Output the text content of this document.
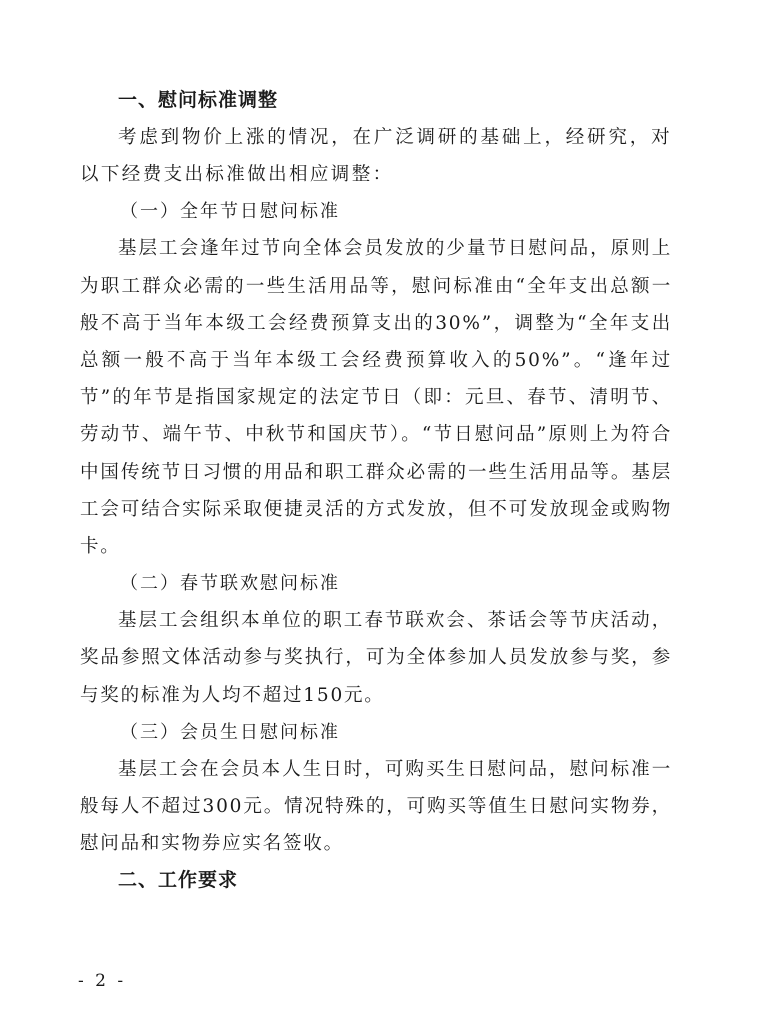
一、慰问标准调整

考虑到物价上涨的情况，在广泛调研的基础上，经研究，对以下经费支出标准做出相应调整：

（一）全年节日慰问标准

基层工会逢年过节向全体会员发放的少量节日慰问品，原则上为职工群众必需的一些生活用品等，慰问标准由“全年支出总额一般不高于当年本级工会经费预算支出的30%”，调整为“全年支出总额一般不高于当年本级工会经费预算收入的50%”。“逢年过节”的年节是指国家规定的法定节日（即：元旦、春节、清明节、劳动节、端午节、中秋节和国庆节）。“节日慰问品”原则上为符合中国传统节日习惯的用品和职工群众必需的一些生活用品等。基层工会可结合实际采取便捷灵活的方式发放，但不可发放现金或购物卡。

（二）春节联欢慰问标准

基层工会组织本单位的职工春节联欢会、茶话会等节庆活动，奖品参照文体活动参与奖执行，可为全体参加人员发放参与奖，参与奖的标准为人均不超过150元。

（三）会员生日慰问标准

基层工会在会员本人生日时，可购买生日慰问品，慰问标准一般每人不超过300元。情况特殊的，可购买等值生日慰问实物券，慰问品和实物券应实名签收。

二、工作要求
- 2 -
